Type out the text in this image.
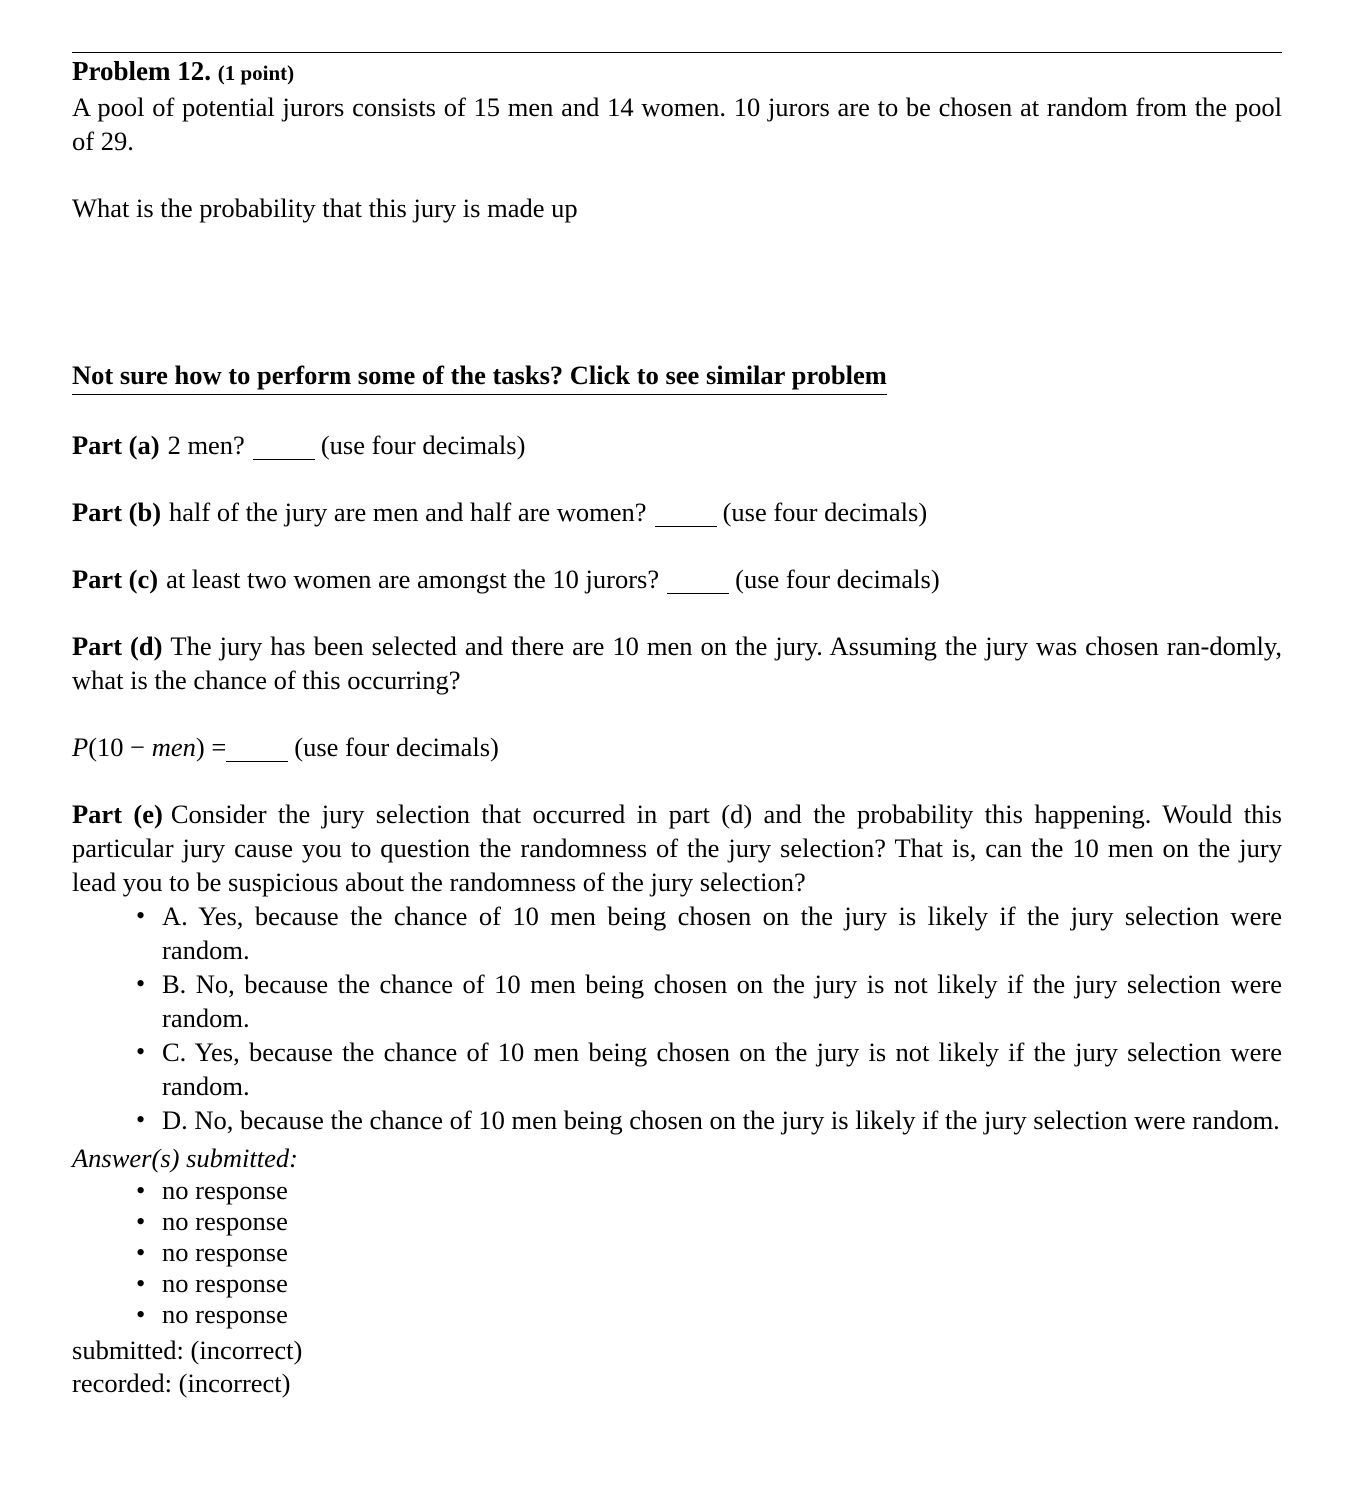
Problem 12. (1 point)

A pool of potential jurors consists of 15 men and 14 women. 10 jurors are to be chosen at random from the pool of 29.

What is the probability that this jury is made up

Not sure how to perform some of the tasks? Click to see similar problem

Part (a) 2 men?	(use four decimals)

Part (b) half of the jury are men and half are women?	(use four decimals)

Part (c) at least two women are amongst the 10 jurors?	(use four decimals)

Part (d) The jury has been selected and there are 10 men on the jury. Assuming the jury was chosen ran-domly, what is the chance of this occurring?

P(10 − men) =	(use four decimals)

Part (e) Consider the jury selection that occurred in part (d) and the probability this happening. Would this particular jury cause you to question the randomness of the jury selection? That is, can the 10 men on the jury lead you to be suspicious about the randomness of the jury selection?

• A. Yes, because the chance of 10 men being chosen on the jury is likely if the jury selection were random.
• B. No, because the chance of 10 men being chosen on the jury is not likely if the jury selection were random.
• C. Yes, because the chance of 10 men being chosen on the jury is not likely if the jury selection were random.
• D. No, because the chance of 10 men being chosen on the jury is likely if the jury selection were random.

Answer(s) submitted:

• no response
• no response
• no response
• no response
• no response

submitted: (incorrect)
recorded: (incorrect)
